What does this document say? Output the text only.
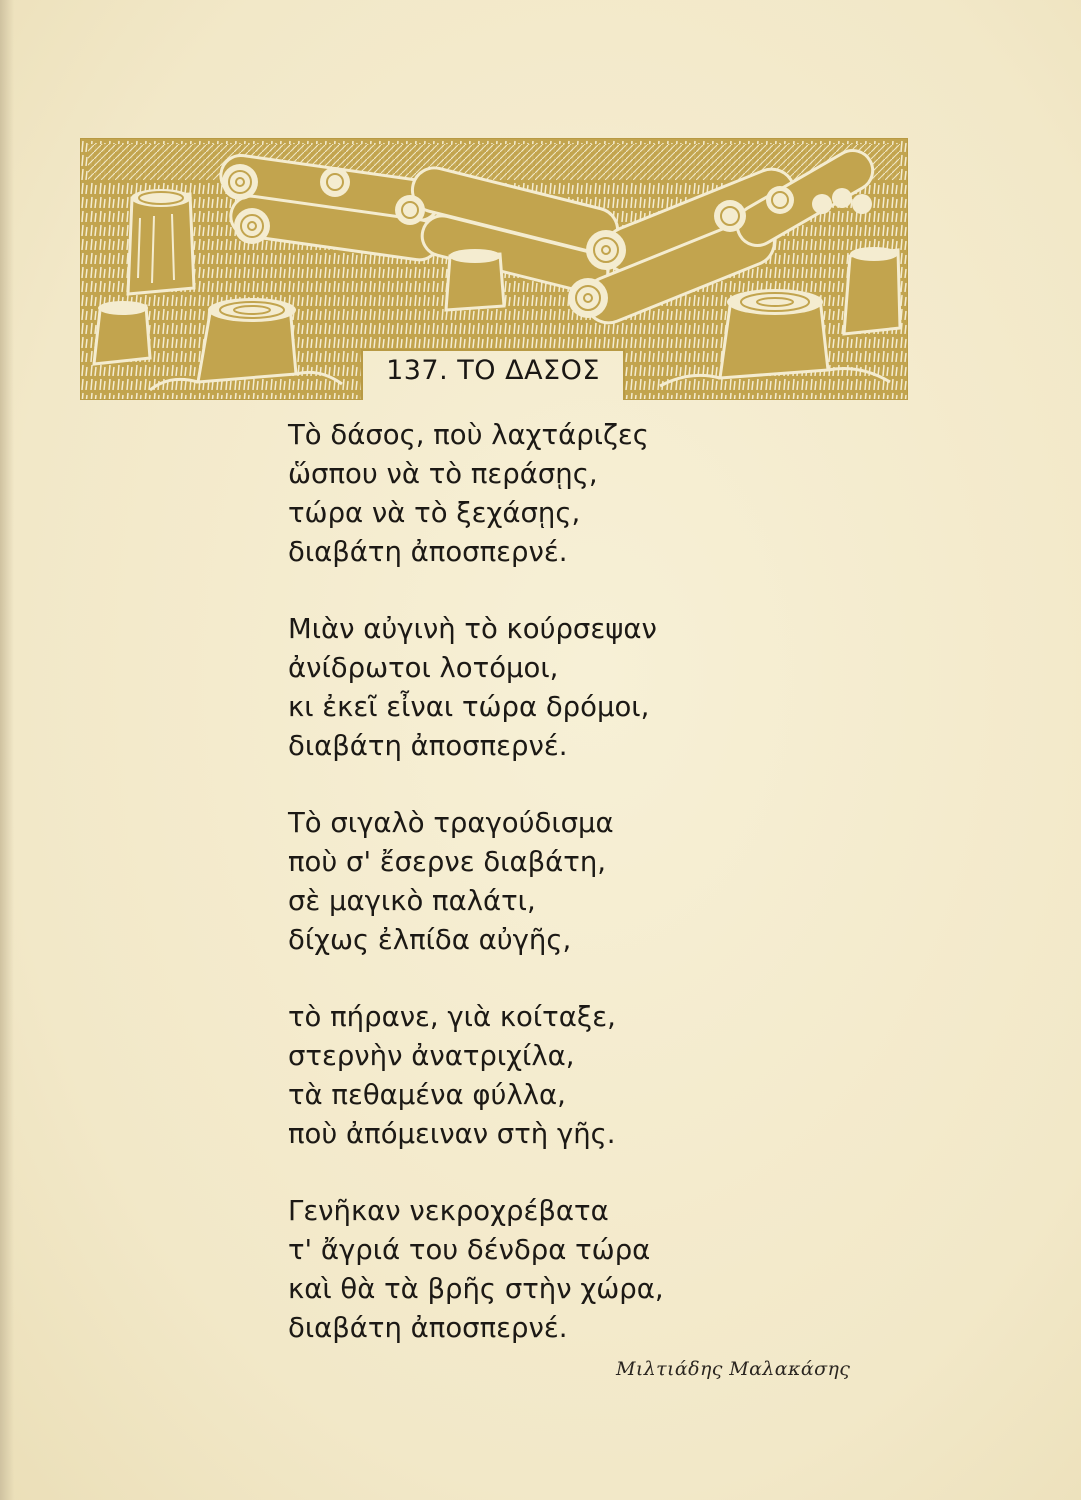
137. ΤΟ ΔΑΣΟΣ
Τὸ δάσος, ποὺ λαχτάριζες
ὥσπου νὰ τὸ περάσῃς,
τώρα νὰ τὸ ξεχάσῃς,
διαβάτη ἀποσπερνέ.
Μιὰν αὐγινὴ τὸ κούρσεψαν
ἀνίδρωτοι λοτόμοι,
κι ἐκεῖ εἶναι τώρα δρόμοι,
διαβάτη ἀποσπερνέ.
Τὸ σιγαλὸ τραγούδισμα
ποὺ σ' ἔσερνε διαβάτη,
σὲ μαγικὸ παλάτι,
δίχως ἐλπίδα αὐγῆς,
τὸ πήρανε, γιὰ κοίταξε,
στερνὴν ἀνατριχίλα,
τὰ πεθαμένα φύλλα,
ποὺ ἀπόμειναν στὴ γῆς.
Γενῆκαν νεκροχρέβατα
τ' ἄγριά του δένδρα τώρα
καὶ θὰ τὰ βρῆς στὴν χώρα,
διαβάτη ἀποσπερνέ.

Μιλτιάδης Μαλακάσης
